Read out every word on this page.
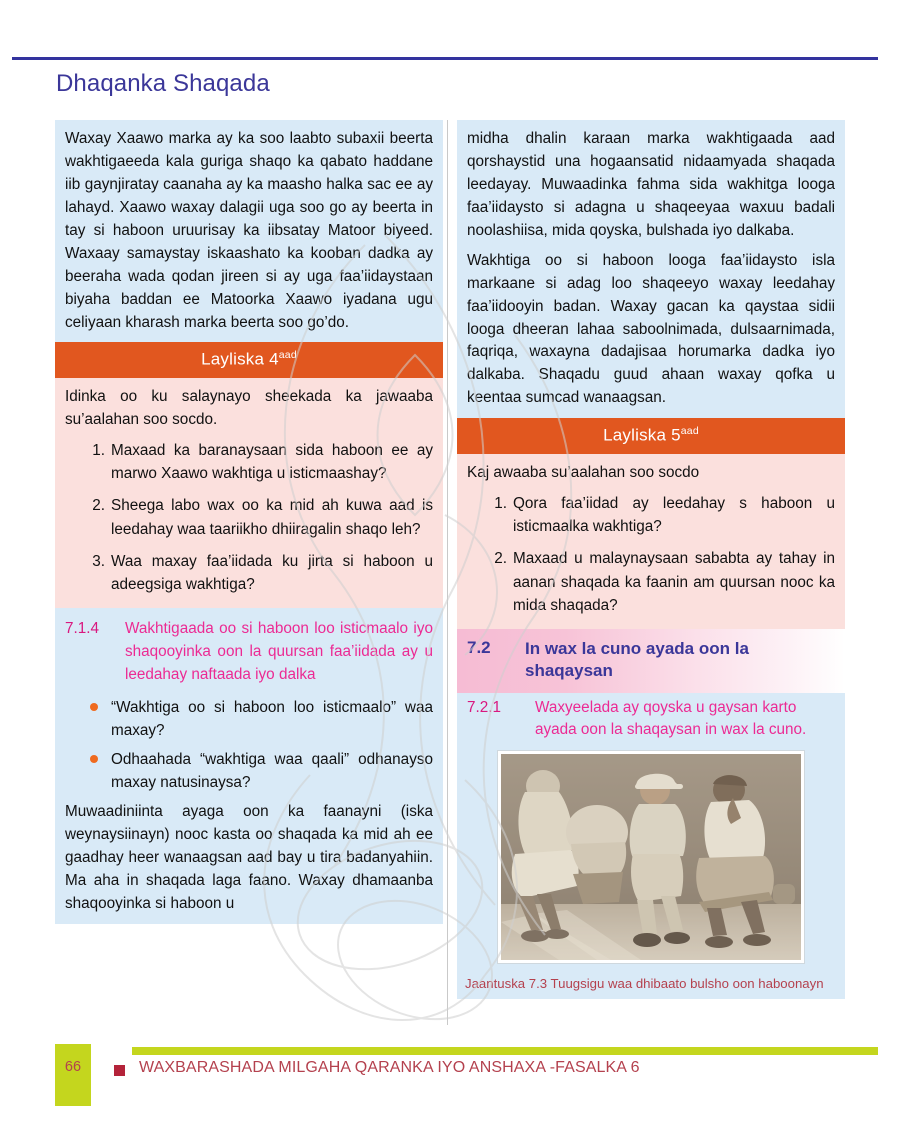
Dhaqanka Shaqada

Waxay Xaawo marka ay ka soo laabto subaxii beerta wakhtigaeeda kala guriga shaqo ka qabato haddane iib gaynjiratay caanaha ay ka maasho halka sac ee ay lahayd. Xaawo waxay dalagii uga soo go ay beerta in tay si haboon uruurisay ka iibsatay Matoor biyeed. Waxaay samaystay iskaashato ka kooban dadka ay beeraha wada qodan jireen si ay uga faa’iidaystaan biyaha baddan ee Matoorka Xaawo iyadana ugu celiyaan kharash marka beerta soo go’do.

Layliska $4^{aad}$

Idinka oo ku salaynayo sheekada ka jawaaba su’aalahan soo socdo.

1. Maxaad ka baranaysaan sida haboon ee ay marwo Xaawo wakhtiga u isticmaashay?
2. Sheega labo wax oo ka mid ah kuwa aad is leedahay waa taariikho dhiiragalin shaqo leh?
3. Waa maxay faa’iidada ku jirta si haboon u adeegsiga wakhtiga?
7.1.4	Wakhtigaada oo si haboon loo isticmaalo iyo shaqooyinka oon la quursan faa’iidada ay u leedahay naftaada iyo dalka
“Wakhtiga oo si haboon loo isticmaalo” waa maxay?
Odhaahada “wakhtiga waa qaali” odhanayso maxay natusinaysa?

Muwaadiniinta ayaga oon ka faanayni (iska weynaysiinayn) nooc kasta oo shaqada ka mid ah ee gaadhay heer wanaagsan aad bay u tira badanyahiin. Ma aha in shaqada laga faano. Waxay dhamaanba shaqooyinka si haboon u

midha dhalin karaan marka wakhtigaada aad qorshaystid una hogaansatid nidaamyada shaqada leedayay. Muwaadinka fahma sida wakhitga looga faa’iidaysto si adagna u shaqeeyaa waxuu badali noolashiisa, mida qoyska, bulshada iyo dalkaba.

Wakhtiga oo si haboon looga faa’iidaysto isla markaane si adag loo shaqeeyo waxay leedahay faa’iidooyin badan. Waxay gacan ka qaystaa sidii looga dheeran lahaa saboolnimada, dulsaarnimada, faqriqa, waxayna dadajisaa horumarka dadka iyo dalkaba. Shaqadu guud ahaan waxay qofka u keentaa sumcad wanaagsan.

Layliska $5^{aad}$

Kaj awaaba su’aalahan soo socdo

1. Qora faa’iidad ay leedahay s haboon u isticmaalka wakhtiga?
2. Maxaad u malaynaysaan sababta ay tahay in aanan shaqada ka faanin am quursan nooc ka mida shaqada?
7.2	In wax la cuno ayada oon la shaqaysan
7.2.1	Waxyeelada ay qoyska u gaysan karto ayada oon la shaqaysan in wax la cuno.
Jaantuska 7.3 Tuugsigu waa dhibaato bulsho oon haboonayn
66	WAXBARASHADA MILGAHA QARANKA IYO ANSHAXA -FASALKA 6
